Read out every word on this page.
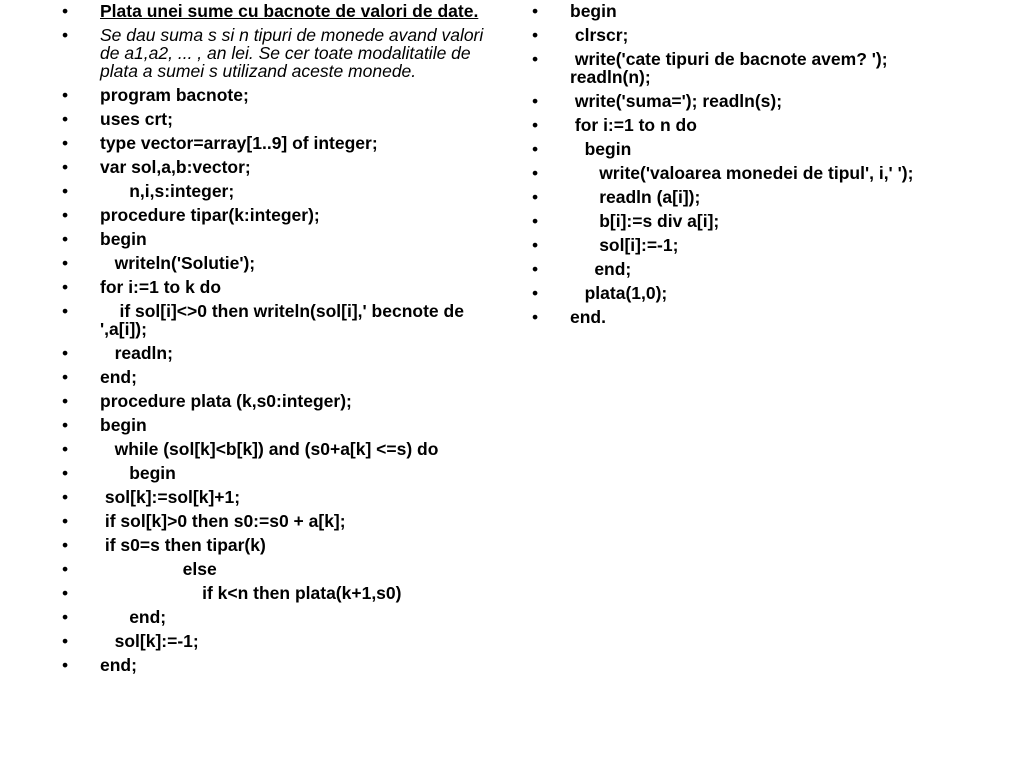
• Plata unei sume cu bacnote de valori de date.
• Se dau suma s si n tipuri de monede avand valori de a1,a2, ... , an lei. Se cer toate modalitatile de plata a sumei s utilizand aceste monede.
• program bacnote;
• uses crt;
• type vector=array[1..9] of integer;
• var sol,a,b:vector;
• n,i,s:integer;
• procedure tipar(k:integer);
• begin
• writeln('Solutie');
• for i:=1 to k do
• if sol[i]<>0 then writeln(sol[i],' becnote de ',a[i]);
• readln;
• end;
• procedure plata (k,s0:integer);
• begin
• while (sol[k]<b[k]) and (s0+a[k] <=s) do
• begin
• sol[k]:=sol[k]+1;
• if sol[k]>0 then s0:=s0 + a[k];
• if s0=s then tipar(k)
• else
• if k<n then plata(k+1,s0)
• end;
• sol[k]:=-1;
• end;
• begin
• clrscr;
• write('cate tipuri de bacnote avem? '); readln(n);
• write('suma='); readln(s);
• for i:=1 to n do
• begin
• write('valoarea monedei de tipul', i,' ');
• readln (a[i]);
• b[i]:=s div a[i];
• sol[i]:=-1;
• end;
• plata(1,0);
• end.
